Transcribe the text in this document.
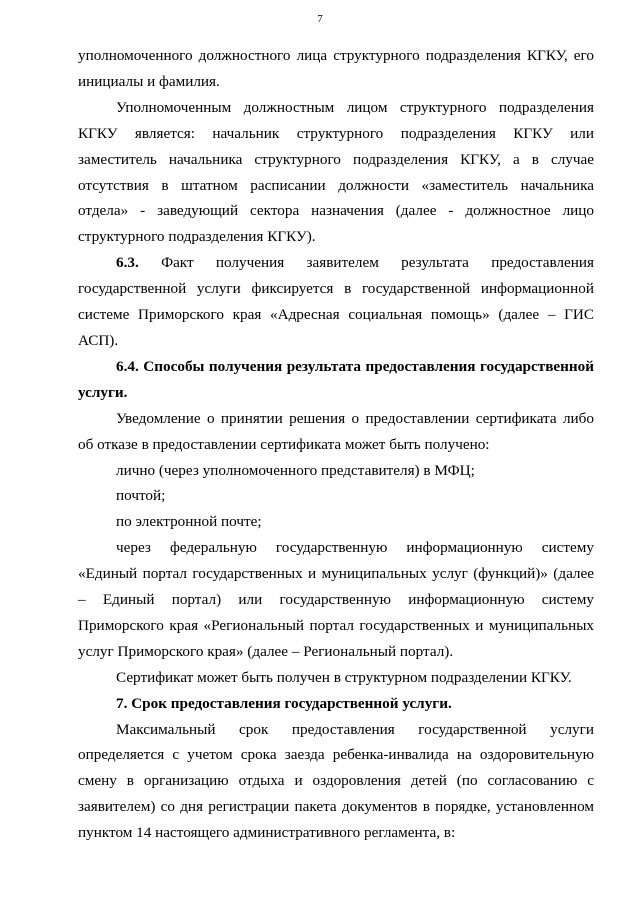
7

уполномоченного должностного лица структурного подразделения КГКУ, его инициалы и фамилия.

Уполномоченным должностным лицом структурного подразделения КГКУ является: начальник структурного подразделения КГКУ или заместитель начальника структурного подразделения КГКУ, а в случае отсутствия в штатном расписании должности «заместитель начальника отдела» - заведующий сектора назначения (далее - должностное лицо структурного подразделения КГКУ).

6.3. Факт получения заявителем результата предоставления государственной услуги фиксируется в государственной информационной системе Приморского края «Адресная социальная помощь» (далее – ГИС АСП).

6.4. Способы получения результата предоставления государственной услуги.

Уведомление о принятии решения о предоставлении сертификата либо об отказе в предоставлении сертификата может быть получено:

лично (через уполномоченного представителя) в МФЦ;

почтой;

по электронной почте;

через федеральную государственную информационную систему «Единый портал государственных и муниципальных услуг (функций)» (далее – Единый портал) или государственную информационную систему Приморского края «Региональный портал государственных и муниципальных услуг Приморского края» (далее – Региональный портал).

Сертификат может быть получен в структурном подразделении КГКУ.

7. Срок предоставления государственной услуги.

Максимальный срок предоставления государственной услуги определяется с учетом срока заезда ребенка-инвалида на оздоровительную смену в организацию отдыха и оздоровления детей (по согласованию с заявителем) со дня регистрации пакета документов в порядке, установленном пунктом 14 настоящего административного регламента, в:
